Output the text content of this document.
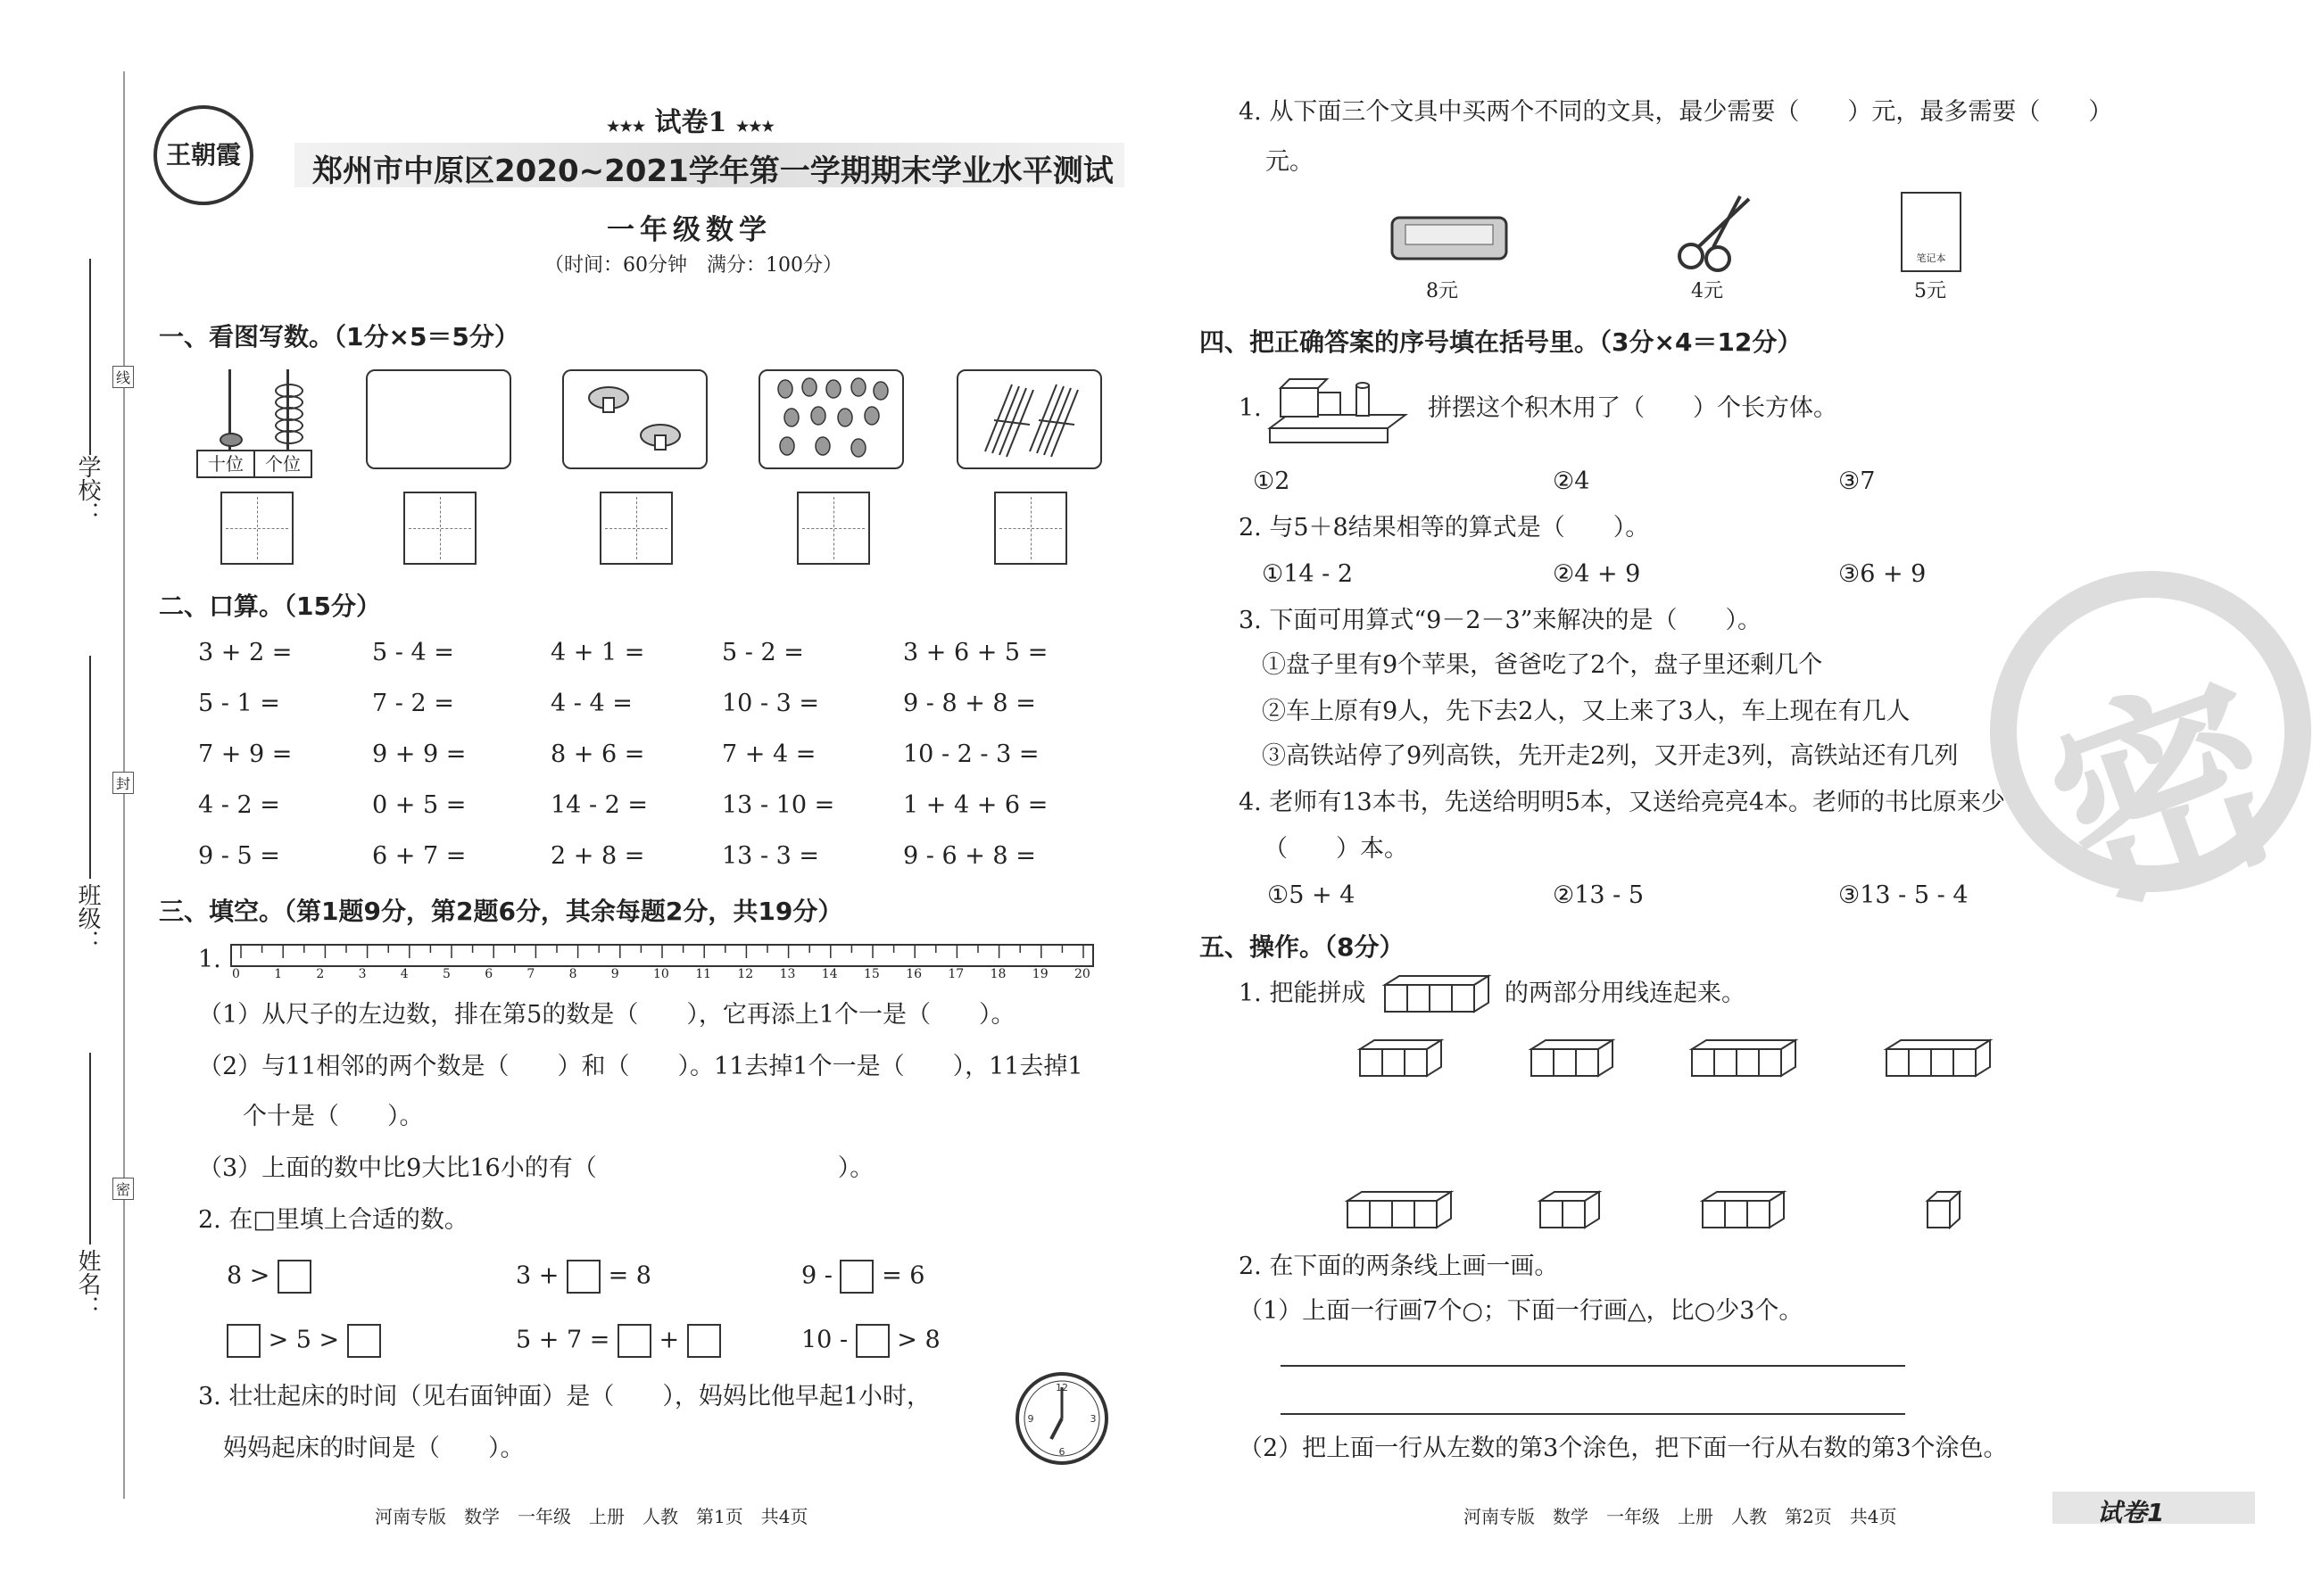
学校：
班级：
姓名：
线
封
密
王朝霞
★★★ 试卷1 ★★★
郑州市中原区2020~2021学年第一学期期末学业水平测试
一年级数学
（时间：60分钟　满分：100分）
一、看图写数。（1分×5＝5分）
十位	个位
二、口算。（15分）
3 + 2 =	5 - 4 =	4 + 1 =	5 - 2 =	3 + 6 + 5 =
5 - 1 =	7 - 2 =	4 - 4 =	10 - 3 =	9 - 8 + 8 =
7 + 9 =	9 + 9 =	8 + 6 =	7 + 4 =	10 - 2 - 3 =
4 - 2 =	0 + 5 =	14 - 2 =	13 - 10 =	1 + 4 + 6 =
9 - 5 =	6 + 7 =	2 + 8 =	13 - 3 =	9 - 6 + 8 =
三、填空。（第1题9分，第2题6分，其余每题2分，共19分）
1.
0	1	2	3	4	5	6	7	8	9	10 11 12 13 14 15 16 17 18 19 20
（1）从尺子的左边数，排在第5的数是（　　），它再添上1个一是（　　）。
（2）与11相邻的两个数是（　　）和（　　）。11去掉1个一是（　　），11去掉1
个十是（　　）。
（3）上面的数中比9大比16小的有（　　　　　　　　　　）。
2. 在□里填上合适的数。
8 >	3 + = 8	9 - = 6
> 5 >	5 + 7 = +	10 - > 8
3. 壮壮起床的时间（见右面钟面）是（　　），妈妈比他早起1小时，
妈妈起床的时间是（　　）。
12
3
6
9
河南专版　数学　一年级　上册　人教　第1页　共4页
4. 从下面三个文具中买两个不同的文具，最少需要（　　）元，最多需要（　　）
元。
笔记本
8元	4元	5元
四、把正确答案的序号填在括号里。（3分×4＝12分）
1.	拼摆这个积木用了（　　）个长方体。
①2	②4	③7
2. 与5＋8结果相等的算式是（　　）。
①14 - 2	②4 + 9	③6 + 9
3. 下面可用算式“9－2－3”来解决的是（　　）。
①盘子里有9个苹果，爸爸吃了2个，盘子里还剩几个
②车上原有9人，先下去2人，又上来了3人，车上现在有几人
③高铁站停了9列高铁，先开走2列，又开走3列，高铁站还有几列
4. 老师有13本书，先送给明明5本，又送给亮亮4本。老师的书比原来少了
（　　）本。
①5 + 4	②13 - 5	③13 - 5 - 4
五、操作。（8分）
1. 把能拼成	的两部分用线连起来。
2. 在下面的两条线上画一画。
（1）上面一行画7个○；下面一行画△，比○少3个。
（2）把上面一行从左数的第3个涂色，把下面一行从右数的第3个涂色。
河南专版　数学　一年级　上册　人教　第2页　共4页	试卷1
密
